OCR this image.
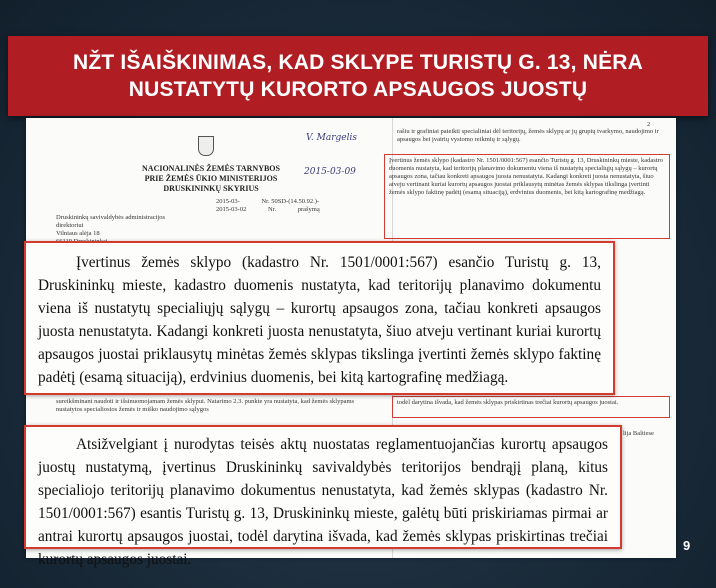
NŽT IŠAIŠKINIMAS, KAD SKLYPE TURISTŲ G. 13, NĖRA NUSTATYTŲ KURORTO APSAUGOS JUOSTŲ
NACIONALINĖS ŽEMĖS TARNYBOS
PRIE ŽEMĖS ŪKIO MINISTERIJOS
DRUSKININKŲ SKYRIUS
V. Margelis
2015-03-09
2015-03-	Nr. 50SD-(14.50.92.)-
2015-03-02	Nr.	prašymą
Druskininkų savivaldybės administracijos
direktoriui
Vilniaus alėja 18
sureikšminant naudoti ir išsinuomojamam žemės sklypui. Natarimo 2.3. punkte yra nustatyta, kad žemės sklypams nustatytos specialiosios žemės ir miško naudojimo sąlygos
2
rašiu ir grafiniai pateikti specialiniai dėl teritorijų, žemės sklypų ar jų grupių tvarkymo, naudojimo ir apsaugos bei įvairių vystomo reikmių ir sąlygų.
lija Baltiese
Įvertinus žemės sklypo (kadastro Nr. 1501/0001:567) esančio Turistų g. 13, Druskininkų mieste, kadastro duomenis nustatyta, kad teritorijų planavimo dokumentu viena iš nustatytų specialiųjų sąlygų – kurortų apsaugos zona, tačiau konkreti apsaugos juosta nenustatyta. Kadangi konkreti juosta nenustatyta, šiuo atveju vertinant kuriai kurortų apsaugos juostai priklausytų minėtas žemės sklypas tikslinga įvertinti žemės sklypo faktinę padėtį (esamą situaciją), erdvinius duomenis, bei kitą kartografinę medžiagą.
todėl darytina išvada, kad žemės sklypas priskirtinas trečiai kurortų apsaugos juostai.

Įvertinus žemės sklypo (kadastro Nr. 1501/0001:567) esančio Turistų g. 13, Druskininkų mieste, kadastro duomenis nustatyta, kad teritorijų planavimo dokumentu viena iš nustatytų specialiųjų sąlygų – kurortų apsaugos zona, tačiau konkreti apsaugos juosta nenustatyta. Kadangi konkreti juosta nenustatyta, šiuo atveju vertinant kuriai kurortų apsaugos juostai priklausytų minėtas žemės sklypas tikslinga įvertinti žemės sklypo faktinę padėtį (esamą situaciją), erdvinius duomenis, bei kitą kartografinę medžiagą.

Atsižvelgiant į nurodytas teisės aktų nuostatas reglamentuojančias kurortų apsaugos juostų nustatymą, įvertinus Druskininkų savivaldybės teritorijos bendrąjį planą, kitus specialiojo teritorijų planavimo dokumentus nenustatyta, kad žemės sklypas (kadastro Nr. 1501/0001:567) esantis Turistų g. 13, Druskininkų mieste, galėtų būti priskiriamas pirmai ar antrai kurortų apsaugos juostai, todėl darytina išvada, kad žemės sklypas priskirtinas trečiai kurortų apsaugos juostai.

9
